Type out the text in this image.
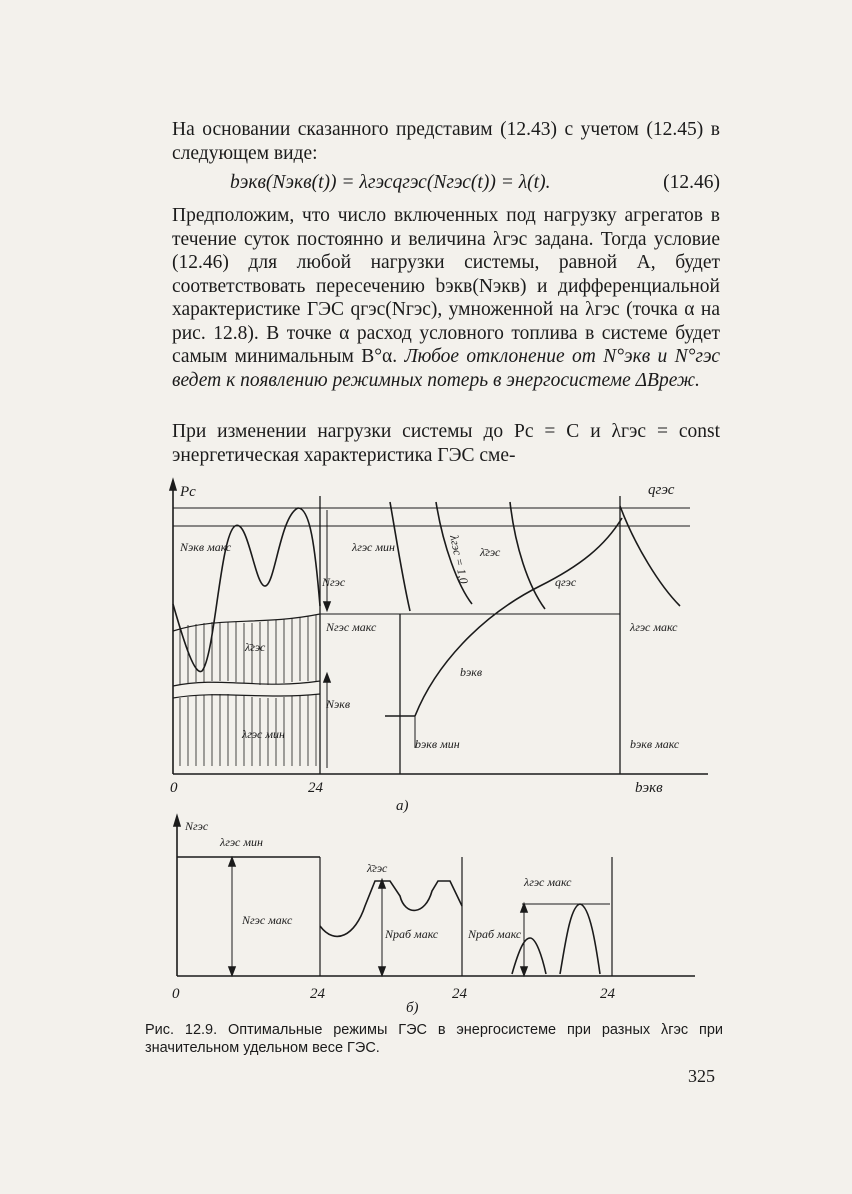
На основании сказанного представим (12.43) с учетом (12.45) в следующем виде:

bэкв(Nэкв(t)) = λгэсqгэс(Nгэс(t)) = λ(t).	(12.46)

Предположим, что число включенных под нагрузку агрегатов в течение суток постоянно и величина λгэс задана. Тогда условие (12.46) для любой нагрузки системы, равной A, будет соответствовать пересечению bэкв(Nэкв) и дифференциальной характеристике ГЭС qгэс(Nгэс), умноженной на λгэс (точка α на рис. 12.8). В точке α расход условного топлива в системе будет самым минимальным B°α. Любое отклонение от N°экв и N°гэс ведет к появлению режимных потерь в энергосистеме ΔBреж.

При изменении нагрузки системы до Pс = C и λгэс = const энергетическая характеристика ГЭС сме-

Pc	qгэс
Nэкв макс	λгэс мин
Nгэс
Nгэс макс
λ̄гэс
Nэкв
λгэс мин
λгэс = 1,0 λ̄гэс
qгэс
bэкв
λгэс макс
bэкв мин	bэкв макс
0	24	bэкв
а)
Nгэс
λгэс мин
Nгэс макс
λ̄гэс
Nраб макс Nраб макс
λгэс макс
0	24	24	24
б)
Рис. 12.9. Оптимальные режимы ГЭС в энергосистеме при разных λгэс при значительном удельном весе ГЭС.
325
